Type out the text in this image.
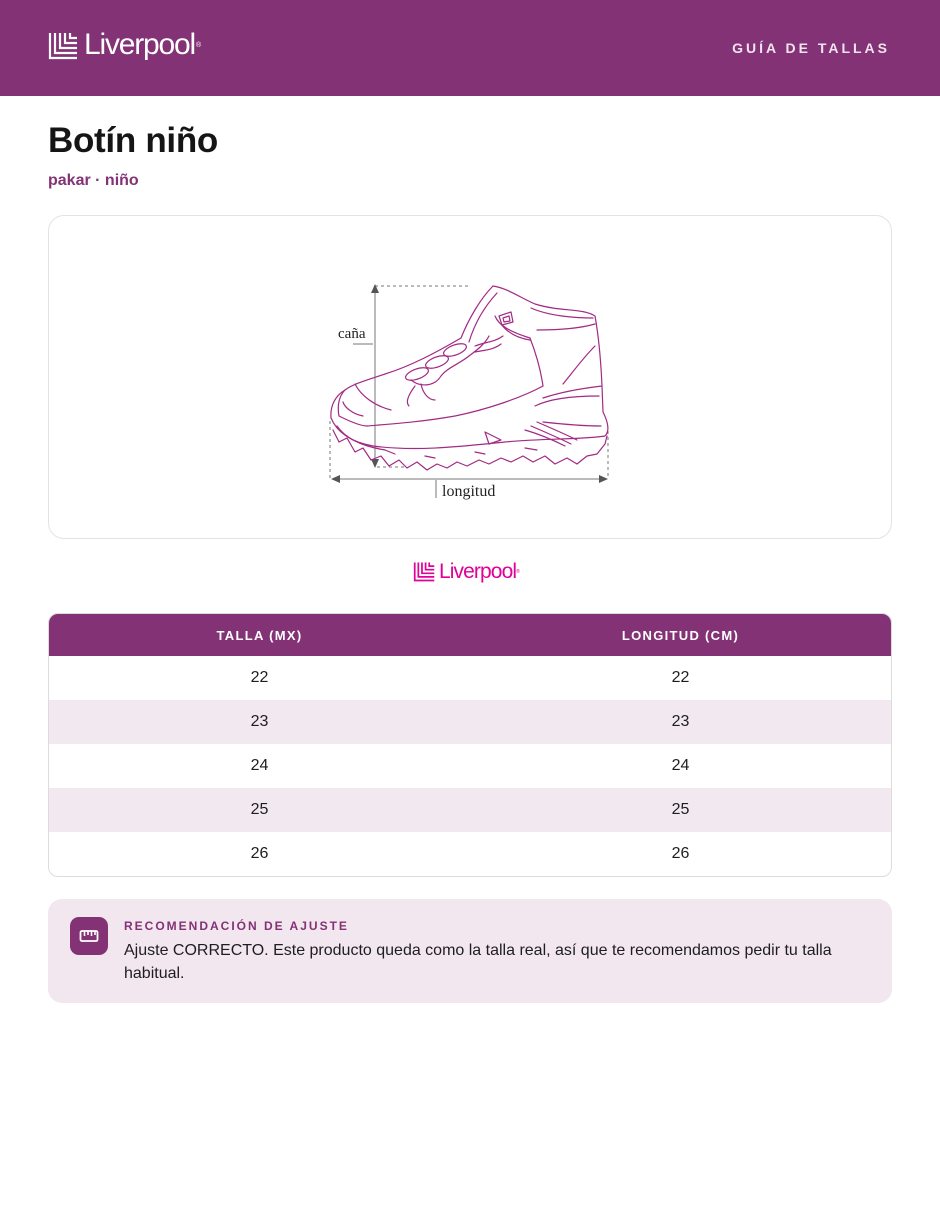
Liverpool ®	GUÍA DE TALLAS
Botín niño
pakar · niño
caña
longitud
Liverpool ®
TALLA (MX)	LONGITUD (CM)
22	22
23	23
24	24
25	25
26	26
RECOMENDACIÓN DE AJUSTE
Ajuste CORRECTO. Este producto queda como la talla real, así que te recomendamos pedir tu talla habitual.
